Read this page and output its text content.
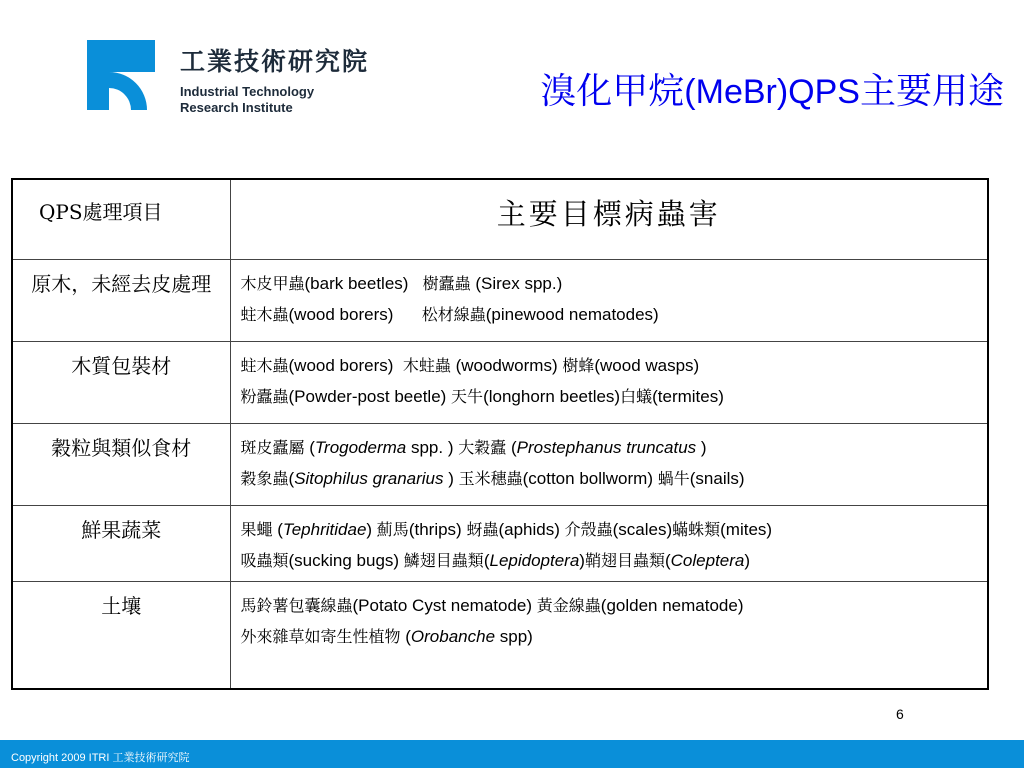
工業技術研究院
Industrial Technology
Research Institute	溴化甲烷(MeBr)QPS主要用途
QPS處理項目	主要目標病蟲害
原木，未經去皮處理	木皮甲蟲(bark beetles)   樹蠹蟲 (Sirex spp.)
蛀木蟲(wood borers)      松材線蟲(pinewood nematodes)

木質包裝材	蛀木蟲(wood borers)  木蛀蟲 (woodworms) 樹蜂(wood wasps)
粉蠹蟲(Powder-post beetle) 天牛(longhorn beetles)白蟻(termites)

穀粒與類似食材	斑皮蠹屬 (Trogoderma spp. ) 大穀蠹 (Prostephanus truncatus )
穀象蟲(Sitophilus granarius ) 玉米穗蟲(cotton bollworm) 蝸牛(snails)

鮮果蔬菜	果蠅 (Tephritidae) 薊馬(thrips) 蚜蟲(aphids) 介殼蟲(scales)蟎蛛類(mites)
吸蟲類(sucking bugs) 鱗翅目蟲類(Lepidoptera)鞘翅目蟲類(Coleptera)

土壤	馬鈴薯包囊線蟲(Potato Cyst nematode) 黃金線蟲(golden nematode)
外來雜草如寄生性植物 (Orobanche spp)
6
Copyright 2009 ITRI 工業技術研究院
